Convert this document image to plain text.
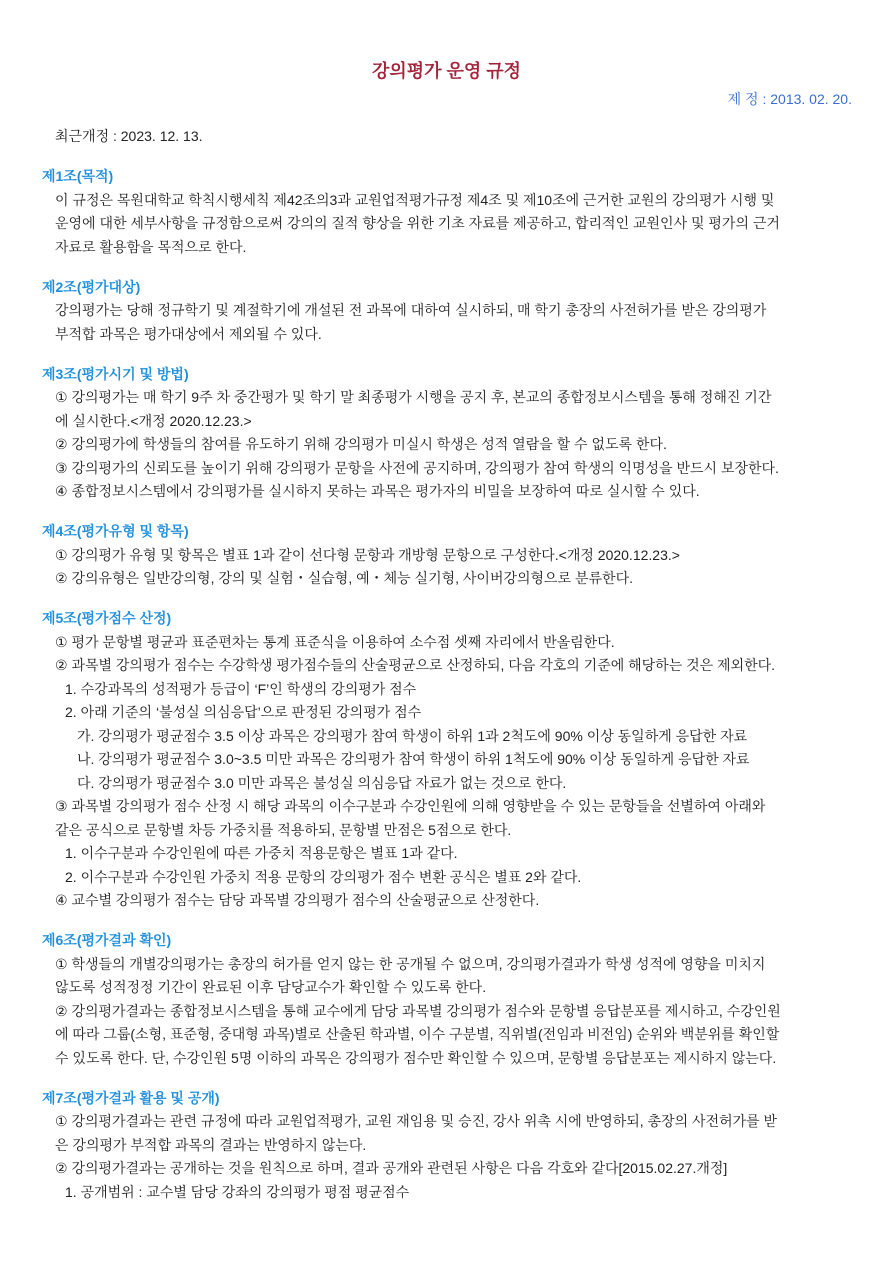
강의평가 운영 규정
제 정 : 2013. 02. 20.
최근개정 : 2023. 12. 13.
제1조(목적)
이 규정은 목원대학교 학칙시행세칙 제42조의3과 교원업적평가규정 제4조 및 제10조에 근거한 교원의 강의평가 시행 및
운영에 대한 세부사항을 규정함으로써 강의의 질적 향상을 위한 기초 자료를 제공하고, 합리적인 교원인사 및 평가의 근거
자료로 활용함을 목적으로 한다.
제2조(평가대상)
강의평가는 당해 정규학기 및 계절학기에 개설된 전 과목에 대하여 실시하되, 매 학기 총장의 사전허가를 받은 강의평가
부적합 과목은 평가대상에서 제외될 수 있다.
제3조(평가시기 및 방법)
① 강의평가는 매 학기 9주 차 중간평가 및 학기 말 최종평가 시행을 공지 후, 본교의 종합정보시스템을 통해 정해진 기간
에 실시한다.<개정 2020.12.23.>
② 강의평가에 학생들의 참여를 유도하기 위해 강의평가 미실시 학생은 성적 열람을 할 수 없도록 한다.
③ 강의평가의 신뢰도를 높이기 위해 강의평가 문항을 사전에 공지하며, 강의평가 참여 학생의 익명성을 반드시 보장한다.
④ 종합정보시스템에서 강의평가를 실시하지 못하는 과목은 평가자의 비밀을 보장하여 따로 실시할 수 있다.
제4조(평가유형 및 항목)
① 강의평가 유형 및 항목은 별표 1과 같이 선다형 문항과 개방형 문항으로 구성한다.<개정 2020.12.23.>
② 강의유형은 일반강의형, 강의 및 실험・실습형, 예・체능 실기형, 사이버강의형으로 분류한다.
제5조(평가점수 산정)
① 평가 문항별 평균과 표준편차는 통계 표준식을 이용하여 소수점 셋째 자리에서 반올림한다.
② 과목별 강의평가 점수는 수강학생 평가점수들의 산술평균으로 산정하되, 다음 각호의 기준에 해당하는 것은 제외한다.
1. 수강과목의 성적평가 등급이 ‘F’인 학생의 강의평가 점수
2. 아래 기준의 ‘불성실 의심응답’으로 판정된 강의평가 점수
가. 강의평가 평균점수 3.5 이상 과목은 강의평가 참여 학생이 하위 1과 2척도에 90% 이상 동일하게 응답한 자료
나. 강의평가 평균점수 3.0~3.5 미만 과목은 강의평가 참여 학생이 하위 1척도에 90% 이상 동일하게 응답한 자료
다. 강의평가 평균점수 3.0 미만 과목은 불성실 의심응답 자료가 없는 것으로 한다.
③ 과목별 강의평가 점수 산정 시 해당 과목의 이수구분과 수강인원에 의해 영향받을 수 있는 문항들을 선별하여 아래와
같은 공식으로 문항별 차등 가중치를 적용하되, 문항별 만점은 5점으로 한다.
1. 이수구분과 수강인원에 따른 가중치 적용문항은 별표 1과 같다.
2. 이수구분과 수강인원 가중치 적용 문항의 강의평가 점수 변환 공식은 별표 2와 같다.
④ 교수별 강의평가 점수는 담당 과목별 강의평가 점수의 산술평균으로 산정한다.
제6조(평가결과 확인)
① 학생들의 개별강의평가는 총장의 허가를 얻지 않는 한 공개될 수 없으며, 강의평가결과가 학생 성적에 영향을 미치지
않도록 성적정정 기간이 완료된 이후 담당교수가 확인할 수 있도록 한다.
② 강의평가결과는 종합정보시스템을 통해 교수에게 담당 과목별 강의평가 점수와 문항별 응답분포를 제시하고, 수강인원
에 따라 그룹(소형, 표준형, 중대형 과목)별로 산출된 학과별, 이수 구분별, 직위별(전임과 비전임) 순위와 백분위를 확인할
수 있도록 한다. 단, 수강인원 5명 이하의 과목은 강의평가 점수만 확인할 수 있으며, 문항별 응답분포는 제시하지 않는다.
제7조(평가결과 활용 및 공개)
① 강의평가결과는 관련 규정에 따라 교원업적평가, 교원 재임용 및 승진, 강사 위촉 시에 반영하되, 총장의 사전허가를 받
은 강의평가 부적합 과목의 결과는 반영하지 않는다.
② 강의평가결과는 공개하는 것을 원칙으로 하며, 결과 공개와 관련된 사항은 다음 각호와 같다[2015.02.27.개정]
1. 공개범위 : 교수별 담당 강좌의 강의평가 평점 평균점수
